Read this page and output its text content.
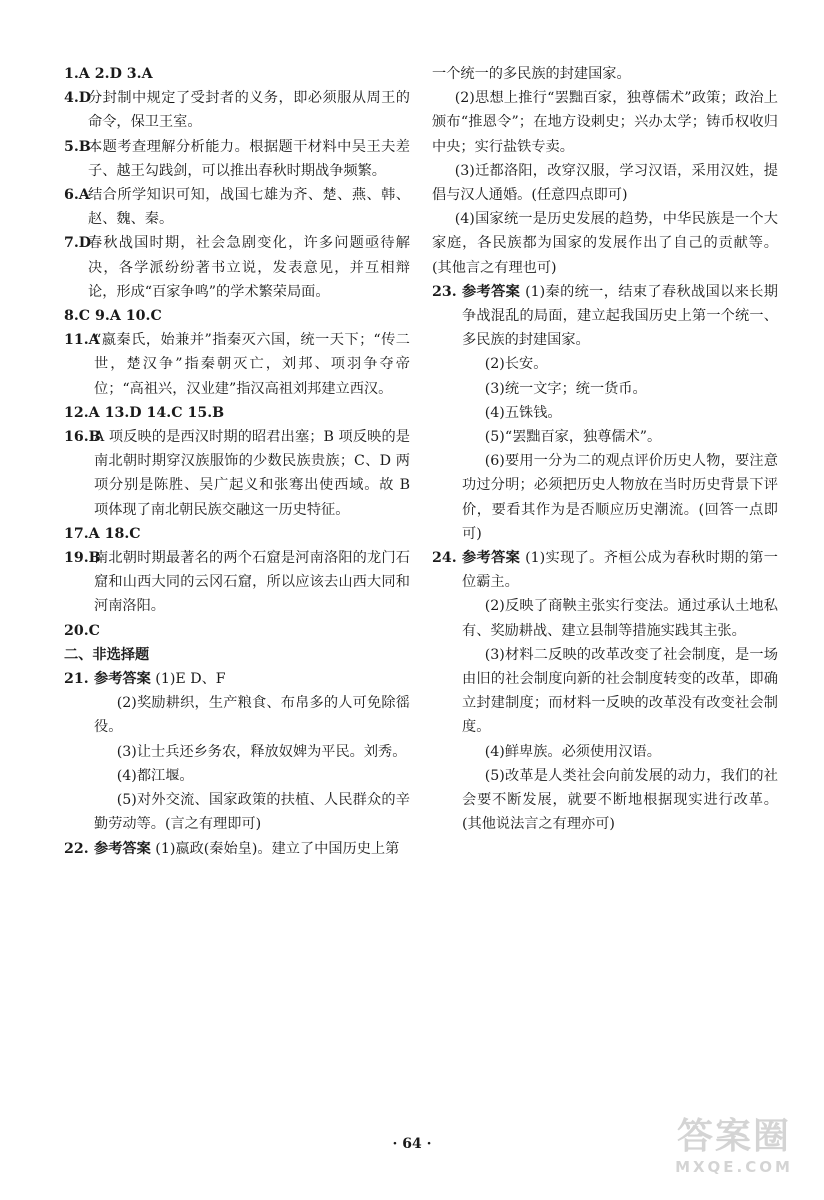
1.A 2.D 3.A

4.D
分封制中规定了受封者的义务，即必须服从周王的命令，保卫王室。
5.B
本题考查理解分析能力。根据题干材料中吴王夫差子、越王勾践剑，可以推出春秋时期战争频繁。
6.A
结合所学知识可知，战国七雄为齐、楚、燕、韩、赵、魏、秦。
7.D
春秋战国时期，社会急剧变化，许多问题亟待解决，各学派纷纷著书立说，发表意见，并互相辩论，形成“百家争鸣”的学术繁荣局面。

8.C 9.A 10.C

11.A
“嬴秦氏，始兼并”指秦灭六国，统一天下；“传二世，楚汉争”指秦朝灭亡，刘邦、项羽争夺帝位；“高祖兴，汉业建”指汉高祖刘邦建立西汉。

12.A 13.D 14.C 15.B

16.B
A 项反映的是西汉时期的昭君出塞；B 项反映的是南北朝时期穿汉族服饰的少数民族贵族；C、D 两项分别是陈胜、吴广起义和张骞出使西域。故 B 项体现了南北朝民族交融这一历史特征。

17.A 18.C

19.B
南北朝时期最著名的两个石窟是河南洛阳的龙门石窟和山西大同的云冈石窟，所以应该去山西大同和河南洛阳。

20.C

二、非选择题

21. 参考答案 (1)E D、F

(2)奖励耕织，生产粮食、布帛多的人可免除徭役。

(3)让士兵还乡务农，释放奴婢为平民。刘秀。

(4)都江堰。

(5)对外交流、国家政策的扶植、人民群众的辛勤劳动等。(言之有理即可)

22. 参考答案 (1)嬴政(秦始皇)。建立了中国历史上第

一个统一的多民族的封建国家。

(2)思想上推行“罢黜百家，独尊儒术”政策；政治上颁布“推恩令”；在地方设刺史；兴办太学；铸币权收归中央；实行盐铁专卖。

(3)迁都洛阳，改穿汉服，学习汉语，采用汉姓，提倡与汉人通婚。(任意四点即可)

(4)国家统一是历史发展的趋势，中华民族是一个大家庭，各民族都为国家的发展作出了自己的贡献等。(其他言之有理也可)

23. 参考答案 (1)秦的统一，结束了春秋战国以来长期争战混乱的局面，建立起我国历史上第一个统一、多民族的封建国家。

(2)长安。

(3)统一文字；统一货币。

(4)五铢钱。

(5)“罢黜百家，独尊儒术”。

(6)要用一分为二的观点评价历史人物，要注意功过分明；必须把历史人物放在当时历史背景下评价，要看其作为是否顺应历史潮流。(回答一点即可)

24. 参考答案 (1)实现了。齐桓公成为春秋时期的第一位霸主。

(2)反映了商鞅主张实行变法。通过承认土地私有、奖励耕战、建立县制等措施实践其主张。

(3)材料二反映的改革改变了社会制度，是一场由旧的社会制度向新的社会制度转变的改革，即确立封建制度；而材料一反映的改革没有改变社会制度。

(4)鲜卑族。必须使用汉语。

(5)改革是人类社会向前发展的动力，我们的社会要不断发展，就要不断地根据现实进行改革。(其他说法言之有理亦可)

· 64 ·	答案圈
MXQE.COM
